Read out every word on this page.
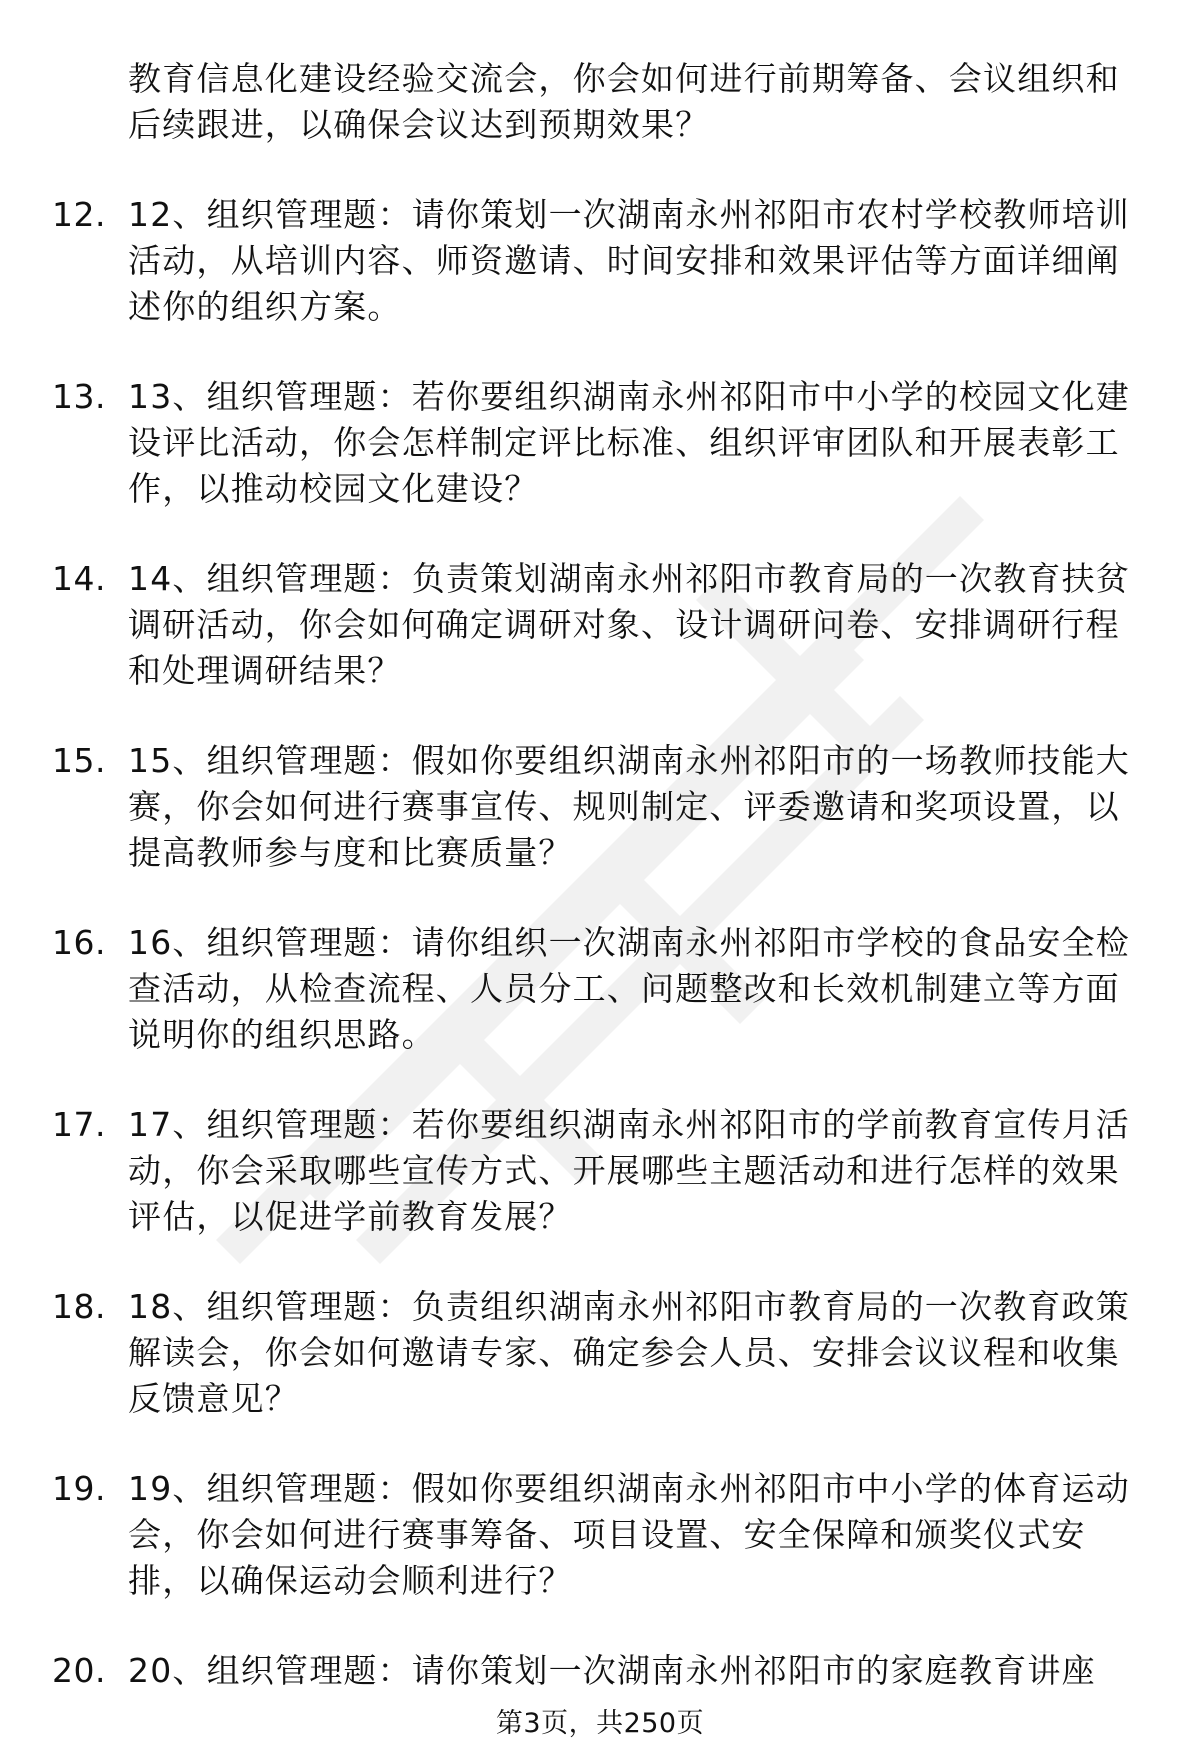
教育信息化建设经验交流会，你会如何进行前期筹备、会议组织和后续跟进，以确保会议达到预期效果？
12. 12、组织管理题：请你策划一次湖南永州祁阳市农村学校教师培训活动，从培训内容、师资邀请、时间安排和效果评估等方面详细阐述你的组织方案。
13. 13、组织管理题：若你要组织湖南永州祁阳市中小学的校园文化建设评比活动，你会怎样制定评比标准、组织评审团队和开展表彰工作，以推动校园文化建设？
14. 14、组织管理题：负责策划湖南永州祁阳市教育局的一次教育扶贫调研活动，你会如何确定调研对象、设计调研问卷、安排调研行程和处理调研结果？
15. 15、组织管理题：假如你要组织湖南永州祁阳市的一场教师技能大赛，你会如何进行赛事宣传、规则制定、评委邀请和奖项设置，以提高教师参与度和比赛质量？
16. 16、组织管理题：请你组织一次湖南永州祁阳市学校的食品安全检查活动，从检查流程、人员分工、问题整改和长效机制建立等方面说明你的组织思路。
17. 17、组织管理题：若你要组织湖南永州祁阳市的学前教育宣传月活动，你会采取哪些宣传方式、开展哪些主题活动和进行怎样的效果评估，以促进学前教育发展？
18. 18、组织管理题：负责组织湖南永州祁阳市教育局的一次教育政策解读会，你会如何邀请专家、确定参会人员、安排会议议程和收集反馈意见？
19. 19、组织管理题：假如你要组织湖南永州祁阳市中小学的体育运动会，你会如何进行赛事筹备、项目设置、安全保障和颁奖仪式安排，以确保运动会顺利进行？
20. 20、组织管理题：请你策划一次湖南永州祁阳市的家庭教育讲座
第3页，共250页
